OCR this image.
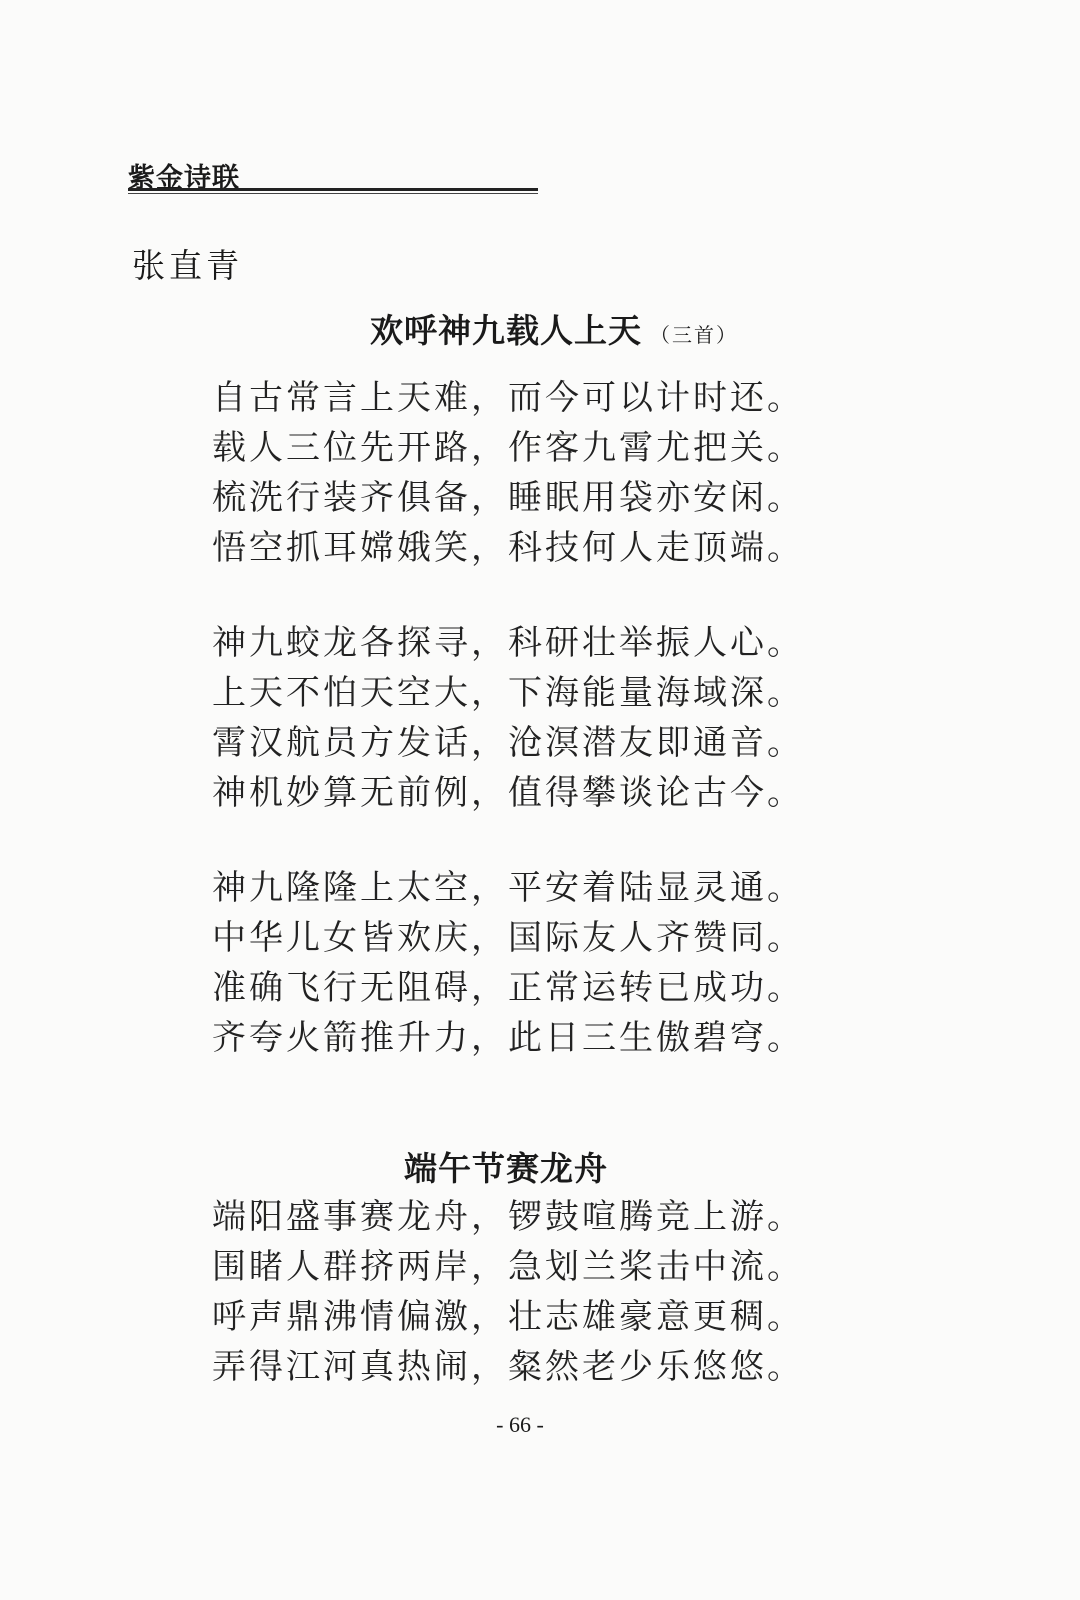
紫金诗联
张直青
欢呼神九载人上天 （三首）
自古常言上天难，而今可以计时还。
载人三位先开路，作客九霄尤把关。
梳洗行装齐俱备，睡眠用袋亦安闲。
悟空抓耳嫦娥笑，科技何人走顶端。
神九蛟龙各探寻，科研壮举振人心。
上天不怕天空大，下海能量海域深。
霄汉航员方发话，沧溟潜友即通音。
神机妙算无前例，值得攀谈论古今。
神九隆隆上太空，平安着陆显灵通。
中华儿女皆欢庆，国际友人齐赞同。
准确飞行无阻碍，正常运转已成功。
齐夸火箭推升力，此日三生傲碧穹。
端午节赛龙舟
端阳盛事赛龙舟，锣鼓喧腾竞上游。
围睹人群挤两岸，急划兰桨击中流。
呼声鼎沸情偏激，壮志雄豪意更稠。
弄得江河真热闹，粲然老少乐悠悠。
- 66 -
